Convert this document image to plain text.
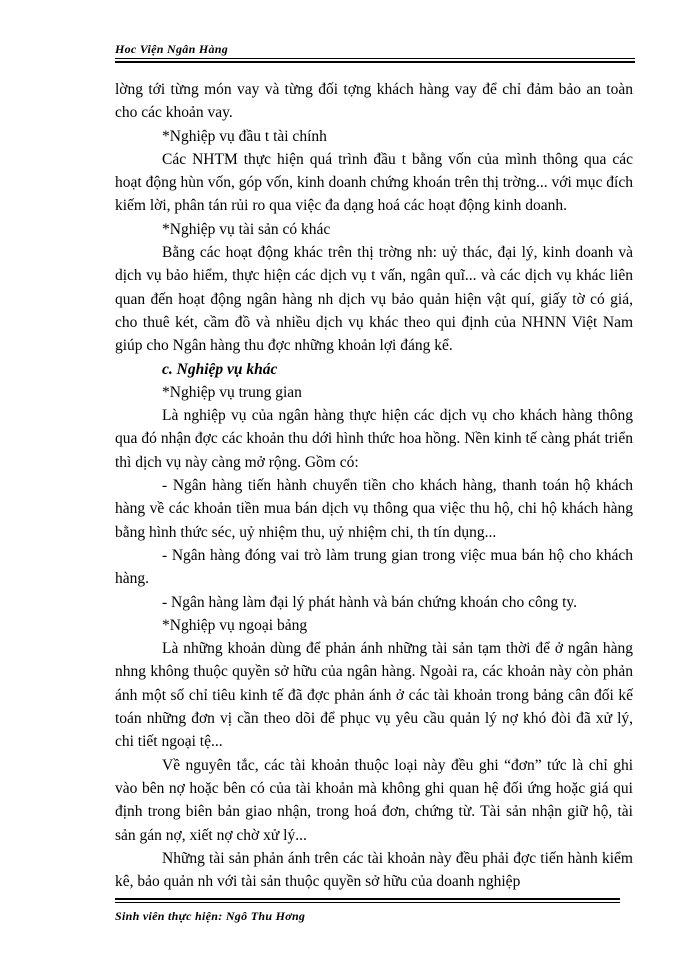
Hoc Viện Ngân Hàng

lờng tới từng món vay và từng đối tợng khách hàng vay để chỉ đảm bảo an toàn cho các khoản vay.

*Nghiệp vụ đầu t tài chính

Các NHTM thực hiện quá trình đầu t bằng vốn của mình thông qua các hoạt động hùn vốn, góp vốn, kinh doanh chứng khoán trên thị trờng... với mục đích kiếm lời, phân tán rủi ro qua việc đa dạng hoá các hoạt động kinh doanh.

*Nghiệp vụ tài sản có khác

Bằng các hoạt động khác trên thị trờng nh: uỷ thác, đại lý, kinh doanh và dịch vụ bảo hiểm, thực hiện các dịch vụ t vấn, ngân quĩ... và các dịch vụ khác liên quan đến hoạt động ngân hàng nh dịch vụ bảo quản hiện vật quí, giấy tờ có giá, cho thuê két, cầm đồ và nhiều dịch vụ khác theo qui định của NHNN Việt Nam giúp cho Ngân hàng thu đợc những khoản lợi đáng kể.

c. Nghiệp vụ khác

*Nghiệp vụ trung gian

Là nghiệp vụ của ngân hàng thực hiện các dịch vụ cho khách hàng thông qua đó nhận đợc các khoản thu dới hình thức hoa hồng. Nền kinh tế càng phát triển thì dịch vụ này càng mở rộng. Gồm có:

- Ngân hàng tiến hành chuyển tiền cho khách hàng, thanh toán hộ khách hàng về các khoản tiền mua bán dịch vụ thông qua việc thu hộ, chi hộ khách hàng bằng hình thức séc, uỷ nhiệm thu, uỷ nhiệm chi, th tín dụng...

- Ngân hàng đóng vai trò làm trung gian trong việc mua bán hộ cho khách hàng.

- Ngân hàng làm đại lý phát hành và bán chứng khoán cho công ty.

*Nghiệp vụ ngoại bảng

Là những khoản dùng để phản ánh những tài sản tạm thời để ở ngân hàng nhng không thuộc quyền sở hữu của ngân hàng. Ngoài ra, các khoản này còn phản ánh một số chỉ tiêu kinh tế đã đợc phản ánh ở các tài khoản trong bảng cân đối kế toán những đơn vị cần theo dõi để phục vụ yêu cầu quản lý nợ khó đòi đã xử lý, chi tiết ngoại tệ...

Về nguyên tắc, các tài khoản thuộc loại này đều ghi “đơn” tức là chỉ ghi vào bên nợ hoặc bên có của tài khoản mà không ghi quan hệ đối ứng hoặc giá qui định trong biên bản giao nhận, trong hoá đơn, chứng từ. Tài sản nhận giữ hộ, tài sản gán nợ, xiết nợ chờ xử lý...

Những tài sản phản ánh trên các tài khoản này đều phải đợc tiến hành kiểm kê, bảo quản nh với tài sản thuộc quyền sở hữu của doanh nghiệp

Sinh viên thực hiện: Ngô Thu Hơng
